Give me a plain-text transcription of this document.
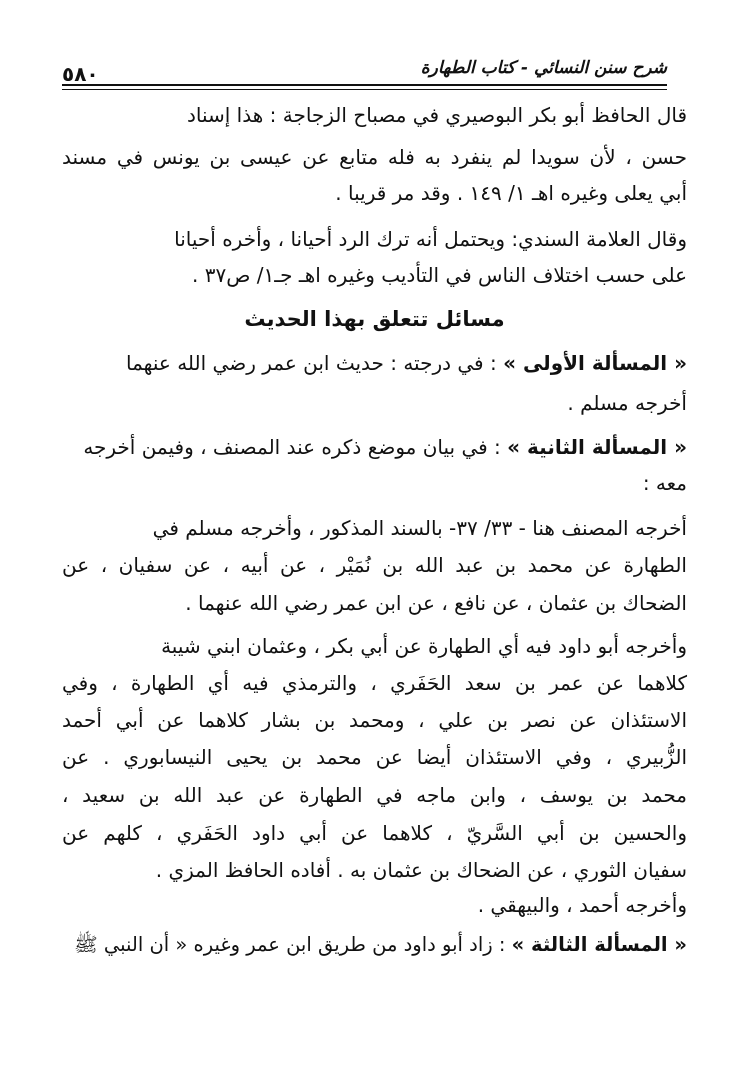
شرح سنن النسائي - كتاب الطهارة
٥٨٠
قال الحافظ أبو بكر البوصيري في مصباح الزجاجة : هذا إسناد
حسن ، لأن سويدا لم ينفرد به فله متابع عن عيسى بن يونس في مسند
أبي يعلى وغيره اهـ ١/ ١٤٩ . وقد مر قريبا .
وقال العلامة السندي: ويحتمل أنه ترك الرد أحيانا ، وأخره أحيانا
على حسب اختلاف الناس في التأديب وغيره اهـ جـ١/ ص٣٧ .
مسائل تتعلق بهذا الحديث
« المسألة الأولى » : في درجته : حديث ابن عمر رضي الله عنهما
أخرجه مسلم .
« المسألة الثانية » : في بيان موضع ذكره عند المصنف ، وفيمن أخرجه
معه :
أخرجه المصنف هنا - ٣٣/ ٣٧- بالسند المذكور ، وأخرجه مسلم في
الطهارة عن محمد بن عبد الله بن نُمَيْر ، عن أبيه ، عن سفيان ، عن
الضحاك بن عثمان ، عن نافع ، عن ابن عمر رضي الله عنهما .
وأخرجه أبو داود فيه أي الطهارة عن أبي بكر ، وعثمان ابني شيبة
كلاهما عن عمر بن سعد الحَفَري ، والترمذي فيه أي الطهارة ، وفي
الاستئذان عن نصر بن علي ، ومحمد بن بشار كلاهما عن أبي أحمد
الزُّبيري ، وفي الاستئذان أيضا عن محمد بن يحيى النيسابوري . عن
محمد بن يوسف ، وابن ماجه في الطهارة عن عبد الله بن سعيد ،
والحسين بن أبي السَّريّ ، كلاهما عن أبي داود الحَفَري ، كلهم عن
سفيان الثوري ، عن الضحاك بن عثمان به . أفاده الحافظ المزي .
وأخرجه أحمد ، والبيهقي .
« المسألة الثالثة » : زاد أبو داود من طريق ابن عمر وغيره « أن النبي ﷺ
